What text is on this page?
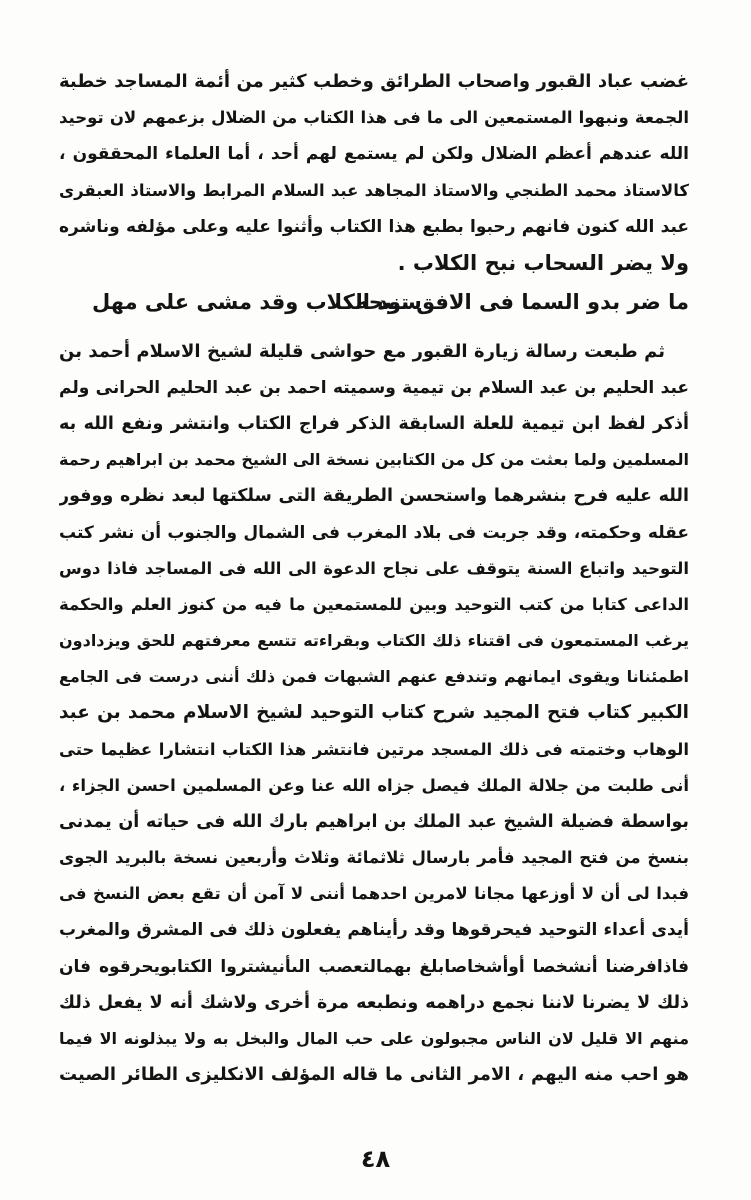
غضب عباد القبور واصحاب الطرائق وخطب كثير من أئمة المساجد خطبة
الجمعة ونبهوا المستمعين الى ما فى هذا الكتاب من الضلال بزعمهم لان توحيد
الله عندهم أعظم الضلال ولكن لم يستمع لهم أحد ، أما العلماء المحققون ،
كالاستاذ محمد الطنجي والاستاذ المجاهد عبد السلام المرابط والاستاذ العبقرى
عبد الله كنون فانهم رحبوا بطبع هذا الكتاب وأثنوا عليه وعلى مؤلفه وناشره
ولا يضر السحاب نبح الكلاب .
ما ضر بدو السما فى الافق تنبحه
سود الكلاب وقد مشى على مهل
ثم طبعت رسالة زيارة القبور مع حواشى قليلة لشيخ الاسلام أحمد بن
عبد الحليم بن عبد السلام بن تيمية وسميته احمد بن عبد الحليم الحرانى ولم
أذكر لفظ ابن تيمية للعلة السابقة الذكر فراج الكتاب وانتشر ونفع الله به
المسلمين ولما بعثت من كل من الكتابين نسخة الى الشيخ محمد بن ابراهيم رحمة
الله عليه فرح بنشرهما واستحسن الطريقة التى سلكتها لبعد نظره ووفور
عقله وحكمته، وقد جربت فى بلاد المغرب فى الشمال والجنوب أن نشر كتب
التوحيد واتباع السنة يتوقف على نجاح الدعوة الى الله فى المساجد فاذا دوس
الداعى كتابا من كتب التوحيد وبين للمستمعين ما فيه من كنوز العلم والحكمة
يرغب المستمعون فى اقتناء ذلك الكتاب وبقراءته تتسع معرفتهم للحق ويزدادون
اطمئنانا ويقوى ايمانهم وتندفع عنهم الشبهات فمن ذلك أننى درست فى الجامع
الكبير كتاب فتح المجيد شرح كتاب التوحيد لشيخ الاسلام محمد بن عبد
الوهاب وختمته فى ذلك المسجد مرتين فانتشر هذا الكتاب انتشارا عظيما حتى
أنى طلبت من جلالة الملك فيصل جزاه الله عنا وعن المسلمين احسن الجزاء ،
بواسطة فضيلة الشيخ عبد الملك بن ابراهيم بارك الله فى حياته أن يمدنى
بنسخ من فتح المجيد فأمر بارسال ثلاثمائة وثلاث وأربعين نسخة بالبريد الجوى
فبدا لى أن لا أوزعها مجانا لامرين احدهما أننى لا آمن أن تقع بعض النسخ فى
أيدى أعداء التوحيد فيحرقوها وقد رأيناهم يفعلون ذلك فى المشرق والمغرب
فاذافرضنا أنشخصا أوأشخاصابلغ بهمالتعصب الىأنيشتروا الكتابويحرقوه فان
ذلك لا يضرنا لاننا نجمع دراهمه ونطبعه مرة أخرى ولاشك أنه لا يفعل ذلك
منهم الا قليل لان الناس مجبولون على حب المال والبخل به ولا يبذلونه الا فيما
هو احب منه اليهم ، الامر الثانى ما قاله المؤلف الانكليزى الطائر الصيت
٤٨
